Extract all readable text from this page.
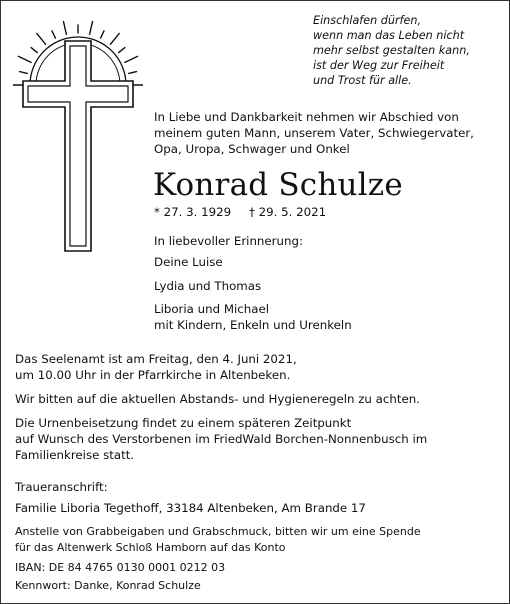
Einschlafen dürfen,
wenn man das Leben nicht
mehr selbst gestalten kann,
ist der Weg zur Freiheit
und Trost für alle.
In Liebe und Dankbarkeit nehmen wir Abschied von
meinem guten Mann, unserem Vater, Schwiegervater,
Opa, Uropa, Schwager und Onkel
Konrad Schulze
* 27. 3. 1929 † 29. 5. 2021
In liebevoller Erinnerung:
Deine Luise
Lydia und Thomas
Liboria und Michael
mit Kindern, Enkeln und Urenkeln
Das Seelenamt ist am Freitag, den 4. Juni 2021,
um 10.00 Uhr in der Pfarrkirche in Altenbeken.
Wir bitten auf die aktuellen Abstands- und Hygieneregeln zu achten.
Die Urnenbeisetzung findet zu einem späteren Zeitpunkt
auf Wunsch des Verstorbenen im FriedWald Borchen-Nonnenbusch im
Familienkreise statt.
Traueranschrift:
Familie Liboria Tegethoff, 33184 Altenbeken, Am Brande 17
Anstelle von Grabbeigaben und Grabschmuck, bitten wir um eine Spende
für das Altenwerk Schloß Hamborn auf das Konto
IBAN: DE 84 4765 0130 0001 0212 03
Kennwort: Danke, Konrad Schulze
